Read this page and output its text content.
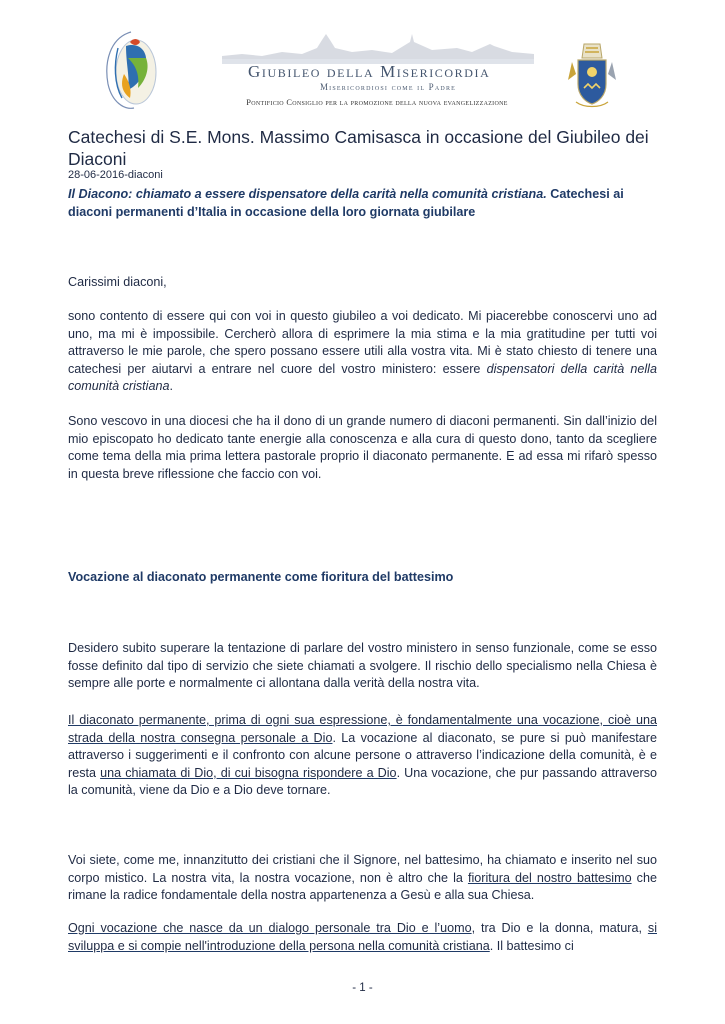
Giubileo della Misericordia
Misericordiosi come il Padre
Pontificio Consiglio per la promozione della nuova evangelizzazione
Catechesi di S.E. Mons. Massimo Camisasca in occasione del Giubileo dei Diaconi
28-06-2016-diaconi

Il Diacono: chiamato a essere dispensatore della carità nella comunità cristiana. Catechesi ai diaconi permanenti d’Italia in occasione della loro giornata giubilare

Carissimi diaconi,

sono contento di essere qui con voi in questo giubileo a voi dedicato. Mi piacerebbe conoscervi uno ad uno, ma mi è impossibile. Cercherò allora di esprimere la mia stima e la mia gratitudine per tutti voi attraverso le mie parole, che spero possano essere utili alla vostra vita. Mi è stato chiesto di tenere una catechesi per aiutarvi a entrare nel cuore del vostro ministero: essere dispensatori della carità nella comunità cristiana.

Sono vescovo in una diocesi che ha il dono di un grande numero di diaconi permanenti. Sin dall’inizio del mio episcopato ho dedicato tante energie alla conoscenza e alla cura di questo dono, tanto da scegliere come tema della mia prima lettera pastorale proprio il diaconato permanente. E ad essa mi rifarò spesso in questa breve riflessione che faccio con voi.

Vocazione al diaconato permanente come fioritura del battesimo

Desidero subito superare la tentazione di parlare del vostro ministero in senso funzionale, come se esso fosse definito dal tipo di servizio che siete chiamati a svolgere. Il rischio dello specialismo nella Chiesa è sempre alle porte e normalmente ci allontana dalla verità della nostra vita.

Il diaconato permanente, prima di ogni sua espressione, è fondamentalmente una vocazione, cioè una strada della nostra consegna personale a Dio. La vocazione al diaconato, se pure si può manifestare attraverso i suggerimenti e il confronto con alcune persone o attraverso l’indicazione della comunità, è e resta una chiamata di Dio, di cui bisogna rispondere a Dio. Una vocazione, che pur passando attraverso la comunità, viene da Dio e a Dio deve tornare.

Voi siete, come me, innanzitutto dei cristiani che il Signore, nel battesimo, ha chiamato e inserito nel suo corpo mistico. La nostra vita, la nostra vocazione, non è altro che la fioritura del nostro battesimo che rimane la radice fondamentale della nostra appartenenza a Gesù e alla sua Chiesa.

Ogni vocazione che nasce da un dialogo personale tra Dio e l’uomo, tra Dio e la donna, matura, si sviluppa e si compie nell'introduzione della persona nella comunità cristiana. Il battesimo ci

- 1 -
